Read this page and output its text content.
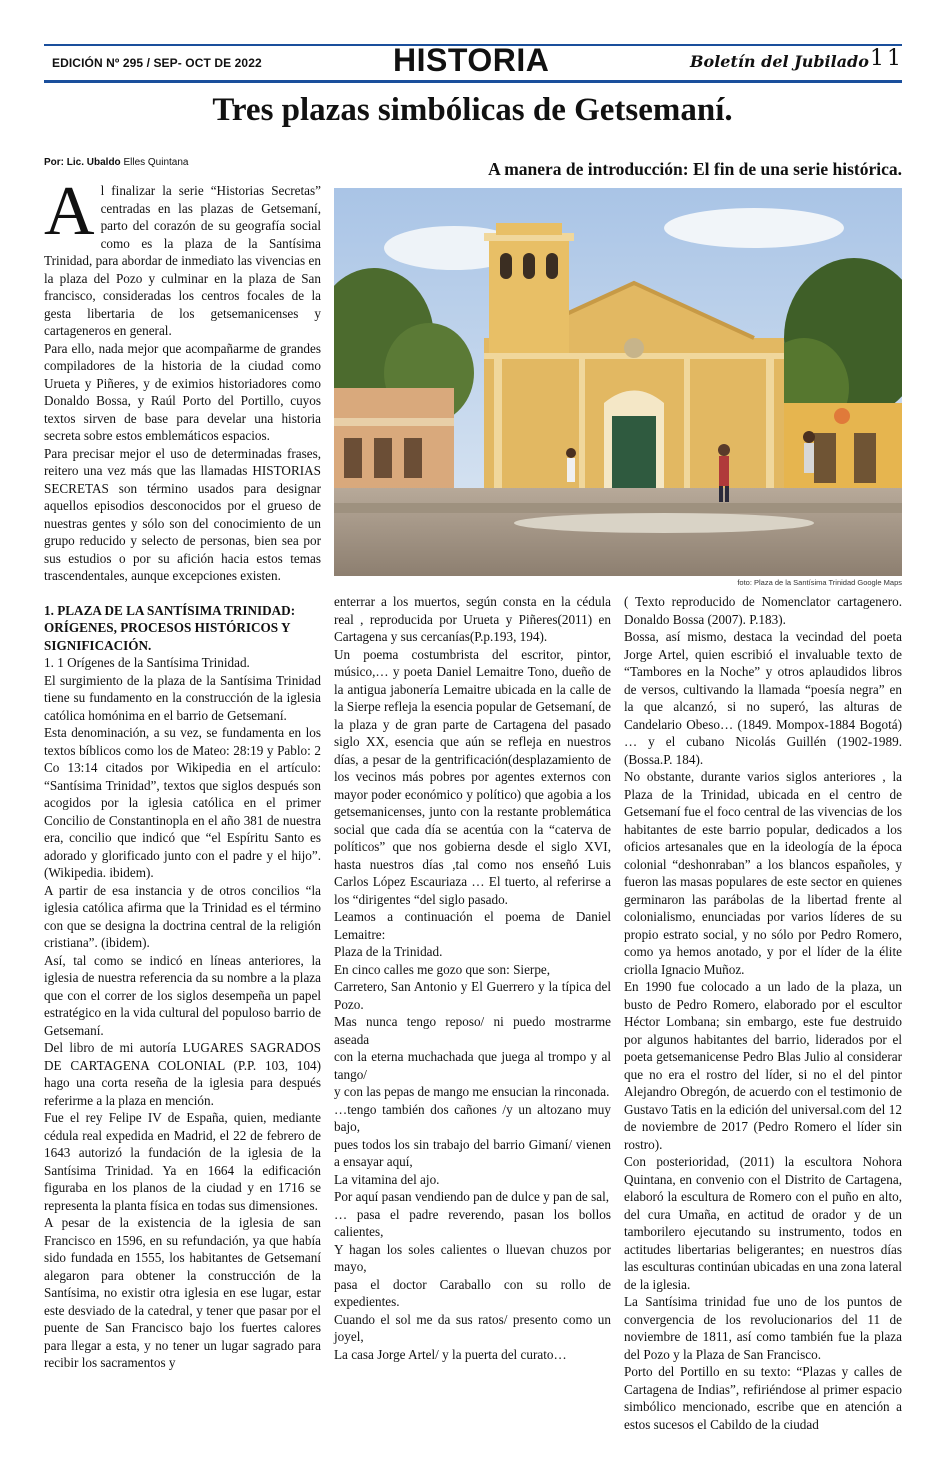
EDICIÓN Nº 295 / SEP- OCT DE 2022	HISTORIA	Boletín del Jubilado 11
Tres plazas simbólicas de Getsemaní.
Por: Lic. Ubaldo Elles Quintana	A manera de introducción: El fin de una serie histórica.
foto: Plaza de la Santísima Trinidad Google Maps
A l finalizar la serie “Historias Secretas” centradas en las plazas de Getsemaní, parto del corazón de su geografía social como es la plaza de la Santísima Trinidad, para abordar de inmediato las vivencias en la plaza del Pozo y culminar en la plaza de San francisco, consideradas los centros focales de la gesta libertaria de los getsemanicenses y cartageneros en general.

Para ello, nada mejor que acompañarme de grandes compiladores de la historia de la ciudad como Urueta y Piñeres, y de eximios historiadores como Donaldo Bossa, y Raúl Porto del Portillo, cuyos textos sirven de base para develar una historia secreta sobre estos emblemáticos espacios.

Para precisar mejor el uso de determinadas frases, reitero una vez más que las llamadas HISTORIAS SECRETAS son término usados para designar aquellos episodios desconocidos por el grueso de nuestras gentes y sólo son del conocimiento de un grupo reducido y selecto de personas, bien sea por sus estudios o por su afición hacia estos temas trascendentales, aunque excepciones existen.

1. PLAZA DE LA SANTÍSIMA TRINIDAD: ORÍGENES, PROCESOS HISTÓRICOS Y SIGNIFICACIÓN.

1. 1 Orígenes de la Santísima Trinidad.

El surgimiento de la plaza de la Santísima Trinidad tiene su fundamento en la construcción de la iglesia católica homónima en el barrio de Getsemaní.

Esta denominación, a su vez, se fundamenta en los textos bíblicos como los de Mateo: 28:19 y Pablo: 2 Co 13:14 citados por Wikipedia en el artículo: “Santísima Trinidad”, textos que siglos después son acogidos por la iglesia católica en el primer Concilio de Constantinopla en el año 381 de nuestra era, concilio que indicó que “el Espíritu Santo es adorado y glorificado junto con el padre y el hijo”. (Wikipedia. ibidem).

A partir de esa instancia y de otros concilios “la iglesia católica afirma que la Trinidad es el término con que se designa la doctrina central de la religión cristiana”. (ibidem).

Así, tal como se indicó en líneas anteriores, la iglesia de nuestra referencia da su nombre a la plaza que con el correr de los siglos desempeña un papel estratégico en la vida cultural del populoso barrio de Getsemaní.

Del libro de mi autoría LUGARES SAGRADOS DE CARTAGENA COLONIAL (P.P. 103, 104) hago una corta reseña de la iglesia para después referirme a la plaza en mención.

Fue el rey Felipe IV de España, quien, mediante cédula real expedida en Madrid, el 22 de febrero de 1643 autorizó la fundación de la iglesia de la Santísima Trinidad. Ya en 1664 la edificación figuraba en los planos de la ciudad y en 1716 se representa la planta física en todas sus dimensiones.

A pesar de la existencia de la iglesia de san Francisco en 1596, en su refundación, ya que había sido fundada en 1555, los habitantes de Getsemaní alegaron para obtener la construcción de la Santísima, no existir otra iglesia en ese lugar, estar este desviado de la catedral, y tener que pasar por el puente de San Francisco bajo los fuertes calores para llegar a esta, y no tener un lugar sagrado para recibir los sacramentos y

enterrar a los muertos, según consta en la cédula real , reproducida por Urueta y Piñeres(2011) en Cartagena y sus cercanías(P.p.193, 194).

Un poema costumbrista del escritor, pintor, músico,… y poeta Daniel Lemaitre Tono, dueño de la antigua jabonería Lemaitre ubicada en la calle de la Sierpe refleja la esencia popular de Getsemaní, de la plaza y de gran parte de Cartagena del pasado siglo XX, esencia que aún se refleja en nuestros días, a pesar de la gentrificación(desplazamiento de los vecinos más pobres por agentes externos con mayor poder económico y político) que agobia a los getsemanicenses, junto con la restante problemática social que cada día se acentúa con la “caterva de políticos” que nos gobierna desde el siglo XVI, hasta nuestros días ,tal como nos enseñó Luis Carlos López Escauriaza … El tuerto, al referirse a los “dirigentes “del siglo pasado.

Leamos a continuación el poema de Daniel Lemaitre:

Plaza de la Trinidad.

En cinco calles me gozo que son: Sierpe,

Carretero, San Antonio y El Guerrero y la típica del Pozo.

Mas nunca tengo reposo/ ni puedo mostrarme aseada

con la eterna muchachada que juega al trompo y al tango/

y con las pepas de mango me ensucian la rinconada.

…tengo también dos cañones /y un altozano muy bajo,

pues todos los sin trabajo del barrio Gimaní/ vienen a ensayar aquí,

La vitamina del ajo.

Por aquí pasan vendiendo pan de dulce y pan de sal,

… pasa el padre reverendo, pasan los bollos calientes,

Y hagan los soles calientes o lluevan chuzos por mayo,

pasa el doctor Caraballo con su rollo de expedientes.

Cuando el sol me da sus ratos/ presento como un joyel,

La casa Jorge Artel/ y la puerta del curato…

( Texto reproducido de Nomenclator cartagenero. Donaldo Bossa (2007). P.183).

Bossa, así mismo, destaca la vecindad del poeta Jorge Artel, quien escribió el invaluable texto de “Tambores en la Noche” y otros aplaudidos libros de versos, cultivando la llamada “poesía negra” en la que alcanzó, si no superó, las alturas de Candelario Obeso… (1849. Mompox-1884 Bogotá) … y el cubano Nicolás Guillén (1902-1989. (Bossa.P. 184).

No obstante, durante varios siglos anteriores , la Plaza de la Trinidad, ubicada en el centro de Getsemaní fue el foco central de las vivencias de los habitantes de este barrio popular, dedicados a los oficios artesanales que en la ideología de la época colonial “deshonraban” a los blancos españoles, y fueron las masas populares de este sector en quienes germinaron las parábolas de la libertad frente al colonialismo, enunciadas por varios líderes de su propio estrato social, y no sólo por Pedro Romero, como ya hemos anotado, y por el líder de la élite criolla Ignacio Muñoz.

En 1990 fue colocado a un lado de la plaza, un busto de Pedro Romero, elaborado por el escultor Héctor Lombana; sin embargo, este fue destruido por algunos habitantes del barrio, liderados por el poeta getsemanicense Pedro Blas Julio al considerar que no era el rostro del líder, si no el del pintor Alejandro Obregón, de acuerdo con el testimonio de Gustavo Tatis en la edición del universal.com del 12 de noviembre de 2017 (Pedro Romero el líder sin rostro).

Con posterioridad, (2011) la escultora Nohora Quintana, en convenio con el Distrito de Cartagena, elaboró la escultura de Romero con el puño en alto, del cura Umaña, en actitud de orador y de un tamborilero ejecutando su instrumento, todos en actitudes libertarias beligerantes; en nuestros días las esculturas continúan ubicadas en una zona lateral de la iglesia.

La Santísima trinidad fue uno de los puntos de convergencia de los revolucionarios del 11 de noviembre de 1811, así como también fue la plaza del Pozo y la Plaza de San Francisco.

Porto del Portillo en su texto: “Plazas y calles de Cartagena de Indias”, refiriéndose al primer espacio simbólico mencionado, escribe que en atención a estos sucesos el Cabildo de la ciudad
